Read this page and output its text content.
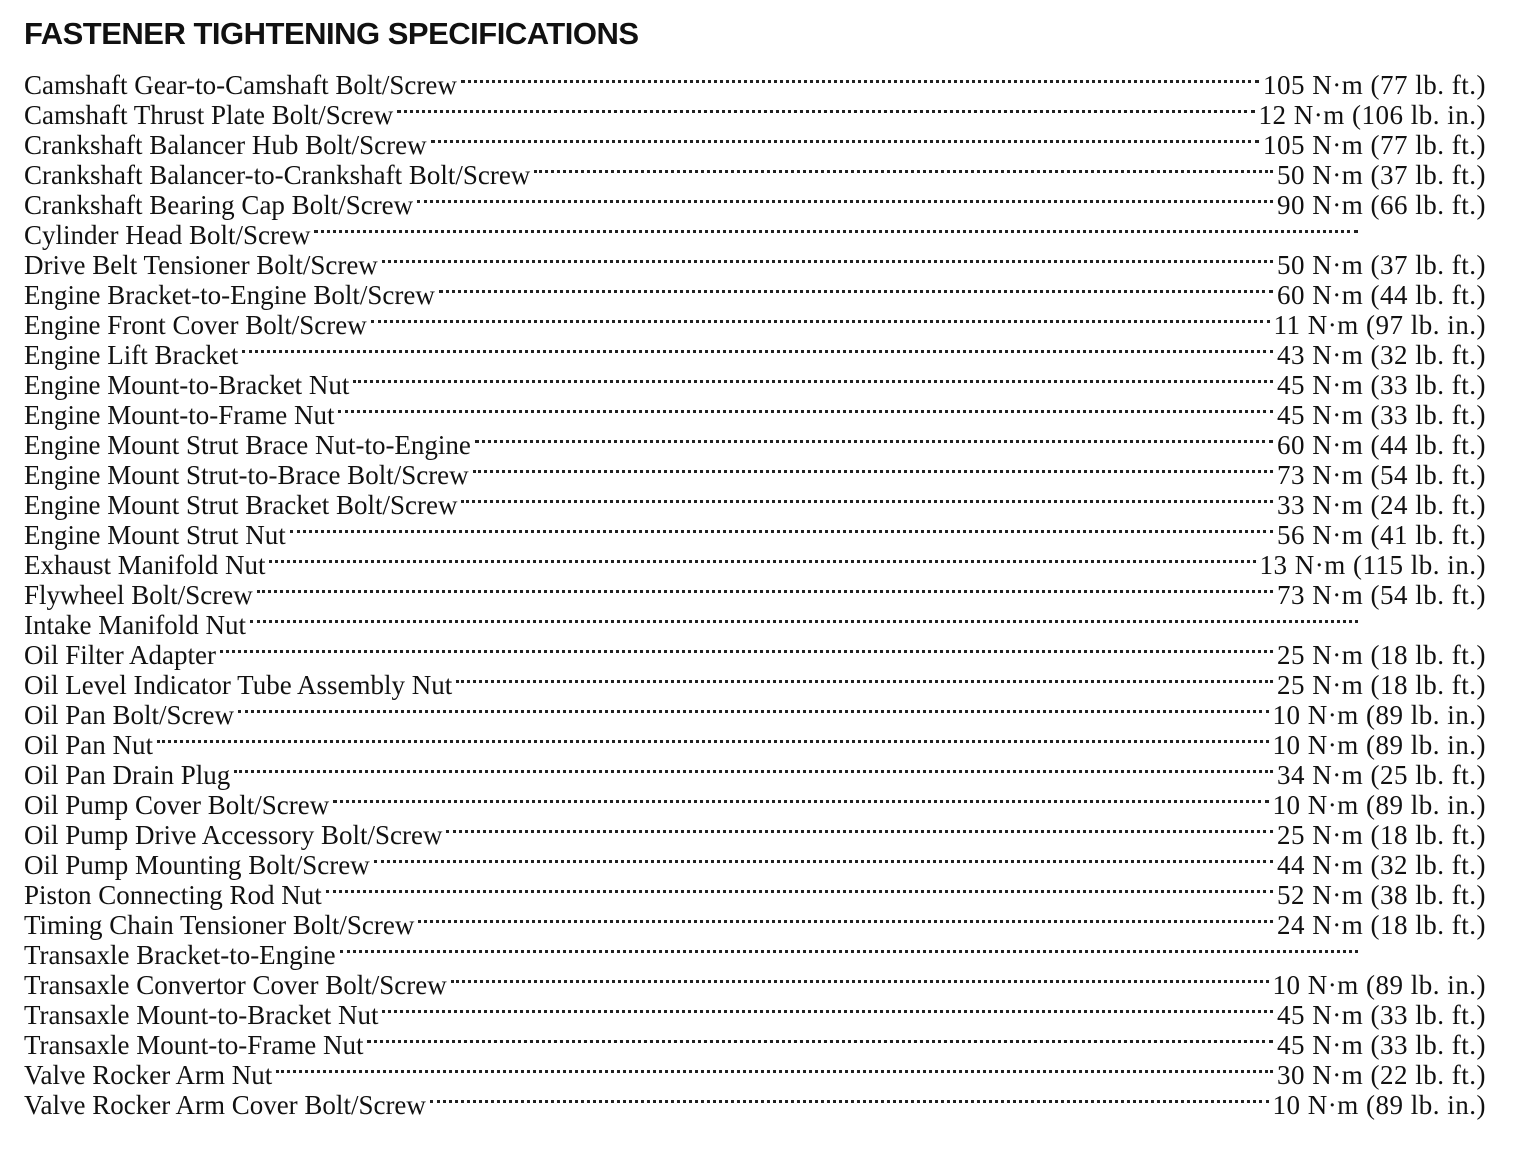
FASTENER TIGHTENING SPECIFICATIONS
Camshaft Gear-to-Camshaft Bolt/Screw	105 N·m (77 lb. ft.)
Camshaft Thrust Plate Bolt/Screw	12 N·m (106 lb. in.)
Crankshaft Balancer Hub Bolt/Screw	105 N·m (77 lb. ft.)
Crankshaft Balancer-to-Crankshaft Bolt/Screw	50 N·m (37 lb. ft.)
Crankshaft Bearing Cap Bolt/Screw	90 N·m (66 lb. ft.)
Cylinder Head Bolt/Screw
Drive Belt Tensioner Bolt/Screw	50 N·m (37 lb. ft.)
Engine Bracket-to-Engine Bolt/Screw	60 N·m (44 lb. ft.)
Engine Front Cover Bolt/Screw	11 N·m (97 lb. in.)
Engine Lift Bracket	43 N·m (32 lb. ft.)
Engine Mount-to-Bracket Nut	45 N·m (33 lb. ft.)
Engine Mount-to-Frame Nut	45 N·m (33 lb. ft.)
Engine Mount Strut Brace Nut-to-Engine	60 N·m (44 lb. ft.)
Engine Mount Strut-to-Brace Bolt/Screw	73 N·m (54 lb. ft.)
Engine Mount Strut Bracket Bolt/Screw	33 N·m (24 lb. ft.)
Engine Mount Strut Nut	56 N·m (41 lb. ft.)
Exhaust Manifold Nut	13 N·m (115 lb. in.)
Flywheel Bolt/Screw	73 N·m (54 lb. ft.)
Intake Manifold Nut
Oil Filter Adapter	25 N·m (18 lb. ft.)
Oil Level Indicator Tube Assembly Nut	25 N·m (18 lb. ft.)
Oil Pan Bolt/Screw	10 N·m (89 lb. in.)
Oil Pan Nut	10 N·m (89 lb. in.)
Oil Pan Drain Plug	34 N·m (25 lb. ft.)
Oil Pump Cover Bolt/Screw	10 N·m (89 lb. in.)
Oil Pump Drive Accessory Bolt/Screw	25 N·m (18 lb. ft.)
Oil Pump Mounting Bolt/Screw	44 N·m (32 lb. ft.)
Piston Connecting Rod Nut	52 N·m (38 lb. ft.)
Timing Chain Tensioner Bolt/Screw	24 N·m (18 lb. ft.)
Transaxle Bracket-to-Engine
Transaxle Convertor Cover Bolt/Screw	10 N·m (89 lb. in.)
Transaxle Mount-to-Bracket Nut	45 N·m (33 lb. ft.)
Transaxle Mount-to-Frame Nut	45 N·m (33 lb. ft.)
Valve Rocker Arm Nut	30 N·m (22 lb. ft.)
Valve Rocker Arm Cover Bolt/Screw	10 N·m (89 lb. in.)
